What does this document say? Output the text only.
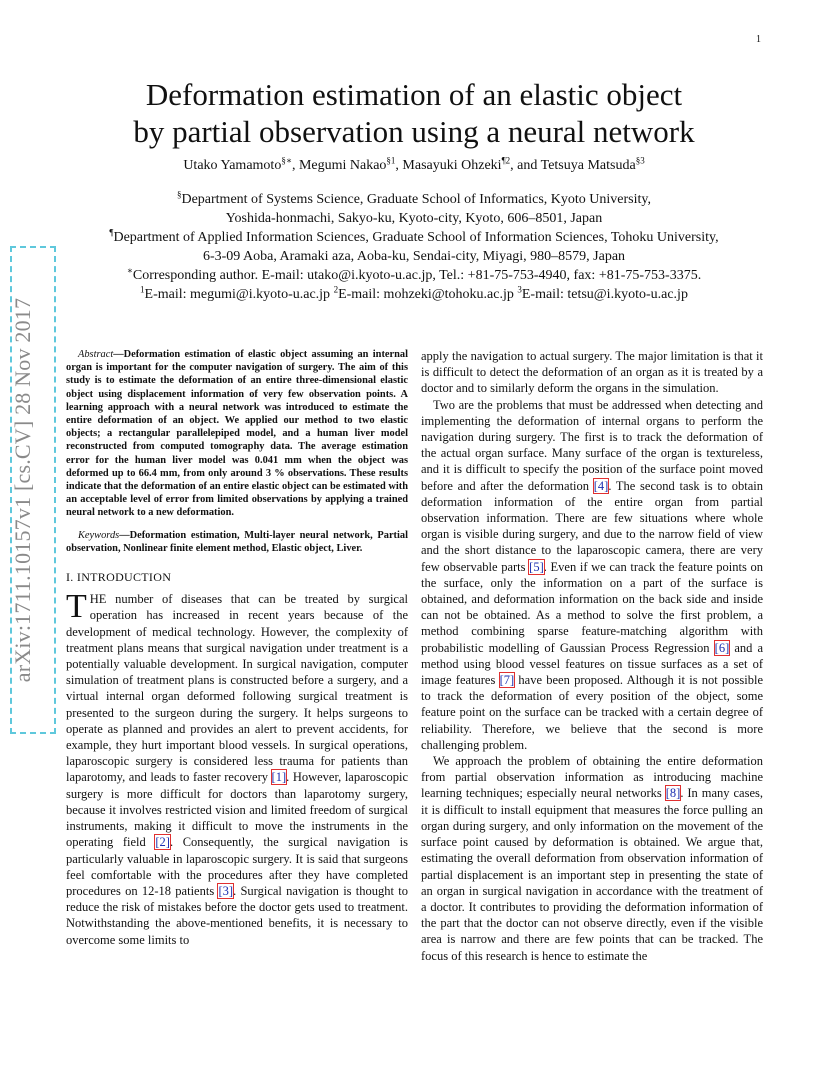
1
arXiv:1711.10157v1 [cs.CV] 28 Nov 2017
Deformation estimation of an elastic object
by partial observation using a neural network
Utako Yamamoto§∗, Megumi Nakao$^{\S 1}$, Masayuki Ohzeki$^{\P 2}$, and Tetsuya Matsuda$^{\S 3}$
§Department of Systems Science, Graduate School of Informatics, Kyoto University,
Yoshida-honmachi, Sakyo-ku, Kyoto-city, Kyoto, 606–8501, Japan
¶Department of Applied Information Sciences, Graduate School of Information Sciences, Tohoku University,
6-3-09 Aoba, Aramaki aza, Aoba-ku, Sendai-city, Miyagi, 980–8579, Japan
∗Corresponding author. E-mail: utako@i.kyoto-u.ac.jp, Tel.: +81-75-753-4940, fax: +81-75-753-3375.
$^1$E-mail: megumi@i.kyoto-u.ac.jp $^2$E-mail: mohzeki@tohoku.ac.jp $^3$E-mail: tetsu@i.kyoto-u.ac.jp

Abstract—Deformation estimation of elastic object assuming an internal organ is important for the computer navigation of surgery. The aim of this study is to estimate the deformation of an entire three-dimensional elastic object using displacement information of very few observation points. A learning approach with a neural network was introduced to estimate the entire deformation of an object. We applied our method to two elastic objects; a rectangular parallelepiped model, and a human liver model reconstructed from computed tomography data. The average estimation error for the human liver model was 0.041 mm when the object was deformed up to 66.4 mm, from only around 3 % observations. These results indicate that the deformation of an entire elastic object can be estimated with an acceptable level of error from limited observations by applying a trained neural network to a new deformation.

Keywords—Deformation estimation, Multi-layer neural network, Partial observation, Nonlinear finite element method, Elastic object, Liver.

I. INTRODUCTION

THE number of diseases that can be treated by surgical operation has increased in recent years because of the development of medical technology. However, the complexity of treatment plans means that surgical navigation under treatment is a potentially valuable development. In surgical navigation, computer simulation of treatment plans is constructed before a surgery, and a virtual internal organ deformed following surgical treatment is presented to the surgeon during the surgery. It helps surgeons to operate as planned and provides an alert to prevent accidents, for example, they hurt important blood vessels. In surgical operations, laparoscopic surgery is considered less trauma for patients than laparotomy, and leads to faster recovery [ 1 ] . However, laparoscopic surgery is more difficult for doctors than laparotomy surgery, because it involves restricted vision and limited freedom of surgical instruments, making it difficult to move the instruments in the operating field [ 2 ] . Consequently, the surgical navigation is particularly valuable in laparoscopic surgery. It is said that surgeons feel comfortable with the procedures after they have completed procedures on 12-18 patients [ 3 ] . Surgical navigation is thought to reduce the risk of mistakes before the doctor gets used to treatment. Notwithstanding the above-mentioned benefits, it is necessary to overcome some limits to

apply the navigation to actual surgery. The major limitation is that it is difficult to detect the deformation of an organ as it is treated by a doctor and to similarly deform the organs in the simulation.

Two are the problems that must be addressed when detecting and implementing the deformation of internal organs to perform the navigation during surgery. The first is to track the deformation of the actual organ surface. Many surface of the organ is textureless, and it is difficult to specify the position of the surface point moved before and after the deformation [ 4 ] . The second task is to obtain deformation information of the entire organ from partial observation information. There are few situations where whole organ is visible during surgery, and due to the narrow field of view and the short distance to the laparoscopic camera, there are very few observable parts [ 5 ] . Even if we can track the feature points on the surface, only the information on a part of the surface is obtained, and deformation information on the back side and inside can not be obtained. As a method to solve the first problem, a method combining sparse feature-matching algorithm with probabilistic modelling of Gaussian Process Regression [ 6 ] and a method using blood vessel features on tissue surfaces as a set of image features [ 7 ] have been proposed. Although it is not possible to track the deformation of every position of the object, some feature point on the surface can be tracked with a certain degree of reliability. Therefore, we believe that the second is more challenging problem.

We approach the problem of obtaining the entire deformation from partial observation information as introducing machine learning techniques; especially neural networks [ 8 ] . In many cases, it is difficult to install equipment that measures the force pulling an organ during surgery, and only information on the movement of the surface point caused by deformation is obtained. We argue that, estimating the overall deformation from observation information of partial displacement is an important step in presenting the state of an organ in surgical navigation in accordance with the treatment of a doctor. It contributes to providing the deformation information of the part that the doctor can not observe directly, even if the visible area is narrow and there are few points that can be tracked. The focus of this research is hence to estimate the
